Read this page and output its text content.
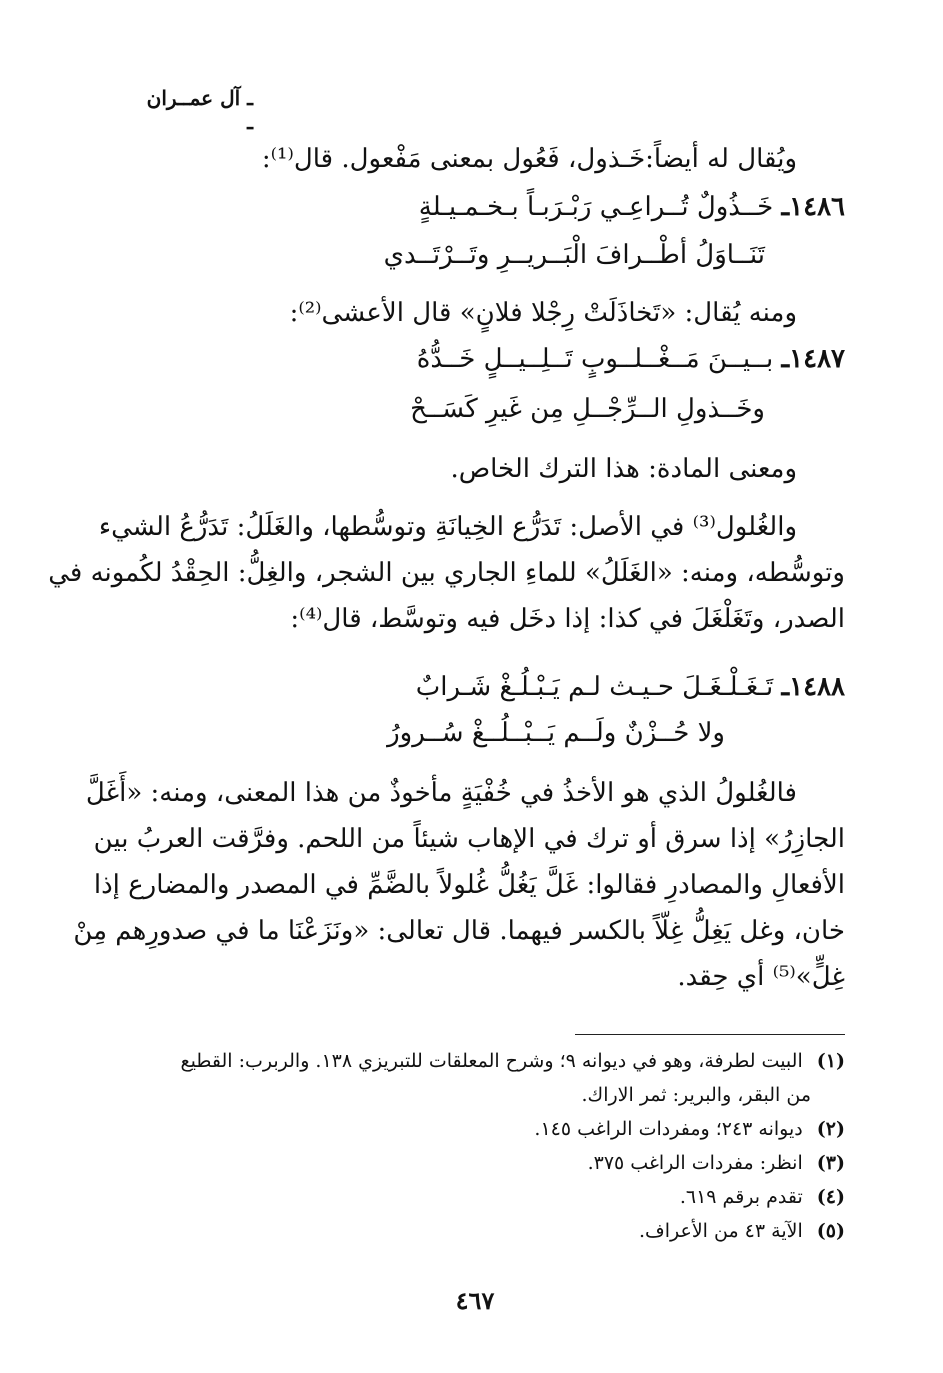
ـ آل عمــران ـ
ويُقال له أيضاً:خَـذول، فَعُول بمعنى مَفْعول. قال⁽¹⁾:
١٤٨٦ـ خَــذُولٌ تُــراعِـي رَبْـرَبـاً بـخـمـيـلةٍ
تَنَــاوَلُ أطْــرافَ الْبَــريــرِ وتَــرْتَــدي
ومنه يُقال: «تَخاذَلَتْ رِجْلا فلانٍ» قال الأعشى⁽²⁾:
١٤٨٧ـ بــيــنَ مَــغْــلــوبٍ تَــلِــيــلٍ خَــدُّهُ
وخَــذولِ الــرِّجْــلِ مِن غَيرِ كَسَــحْ
ومعنى المادة: هذا الترك الخاص.
والغُلول⁽³⁾ في الأصل: تَدَرُّع الخِيانَةِ وتوسُّطها، والغَلَلُ: تَدَرُّعُ الشيء
وتوسُّطه، ومنه: «الغَلَلُ» للماءِ الجاري بين الشجر، والغِلُّ: الحِقْدُ لكُمونه في
الصدر، وتَغَلْغَلَ في كذا: إذا دخَل فيه وتوسَّط، قال⁽⁴⁾:
١٤٨٨ـ تَـغَـلْـغَـلَ حـيـث لـم يَـبْـلُـغْ شَـرابٌ
ولا حُــزْنٌ ولَــم يَــبْــلُــغْ سُــرورُ
فالغُلولُ الذي هو الأخذُ في خُفْيَةٍ مأخوذٌ من هذا المعنى، ومنه: «أَغَلَّ
الجازِرُ» إذا سرق أو ترك في الإهاب شيئاً من اللحم. وفرَّقت العربُ بين
الأفعالِ والمصادرِ فقالوا: غَلَّ يَغُلُّ غُلولاً بالضَّمِّ في المصدر والمضارع إذا
خان، وغل يَغِلُّ غِلّاً بالكسر فيهما. قال تعالى: «ونَزَعْنَا ما في صدورِهم مِنْ
غِلٍّ»⁽⁵⁾ أي حِقد.
(١) البيت لطرفة، وهو في ديوانه ٩؛ وشرح المعلقات للتبريزي ١٣٨. والربرب: القطيع
من البقر، والبرير: ثمر الاراك.
(٢) ديوانه ٢٤٣؛ ومفردات الراغب ١٤٥.
(٣) انظر: مفردات الراغب ٣٧٥.
(٤) تقدم برقم ٦١٩.
(٥) الآية ٤٣ من الأعراف.
٤٦٧
